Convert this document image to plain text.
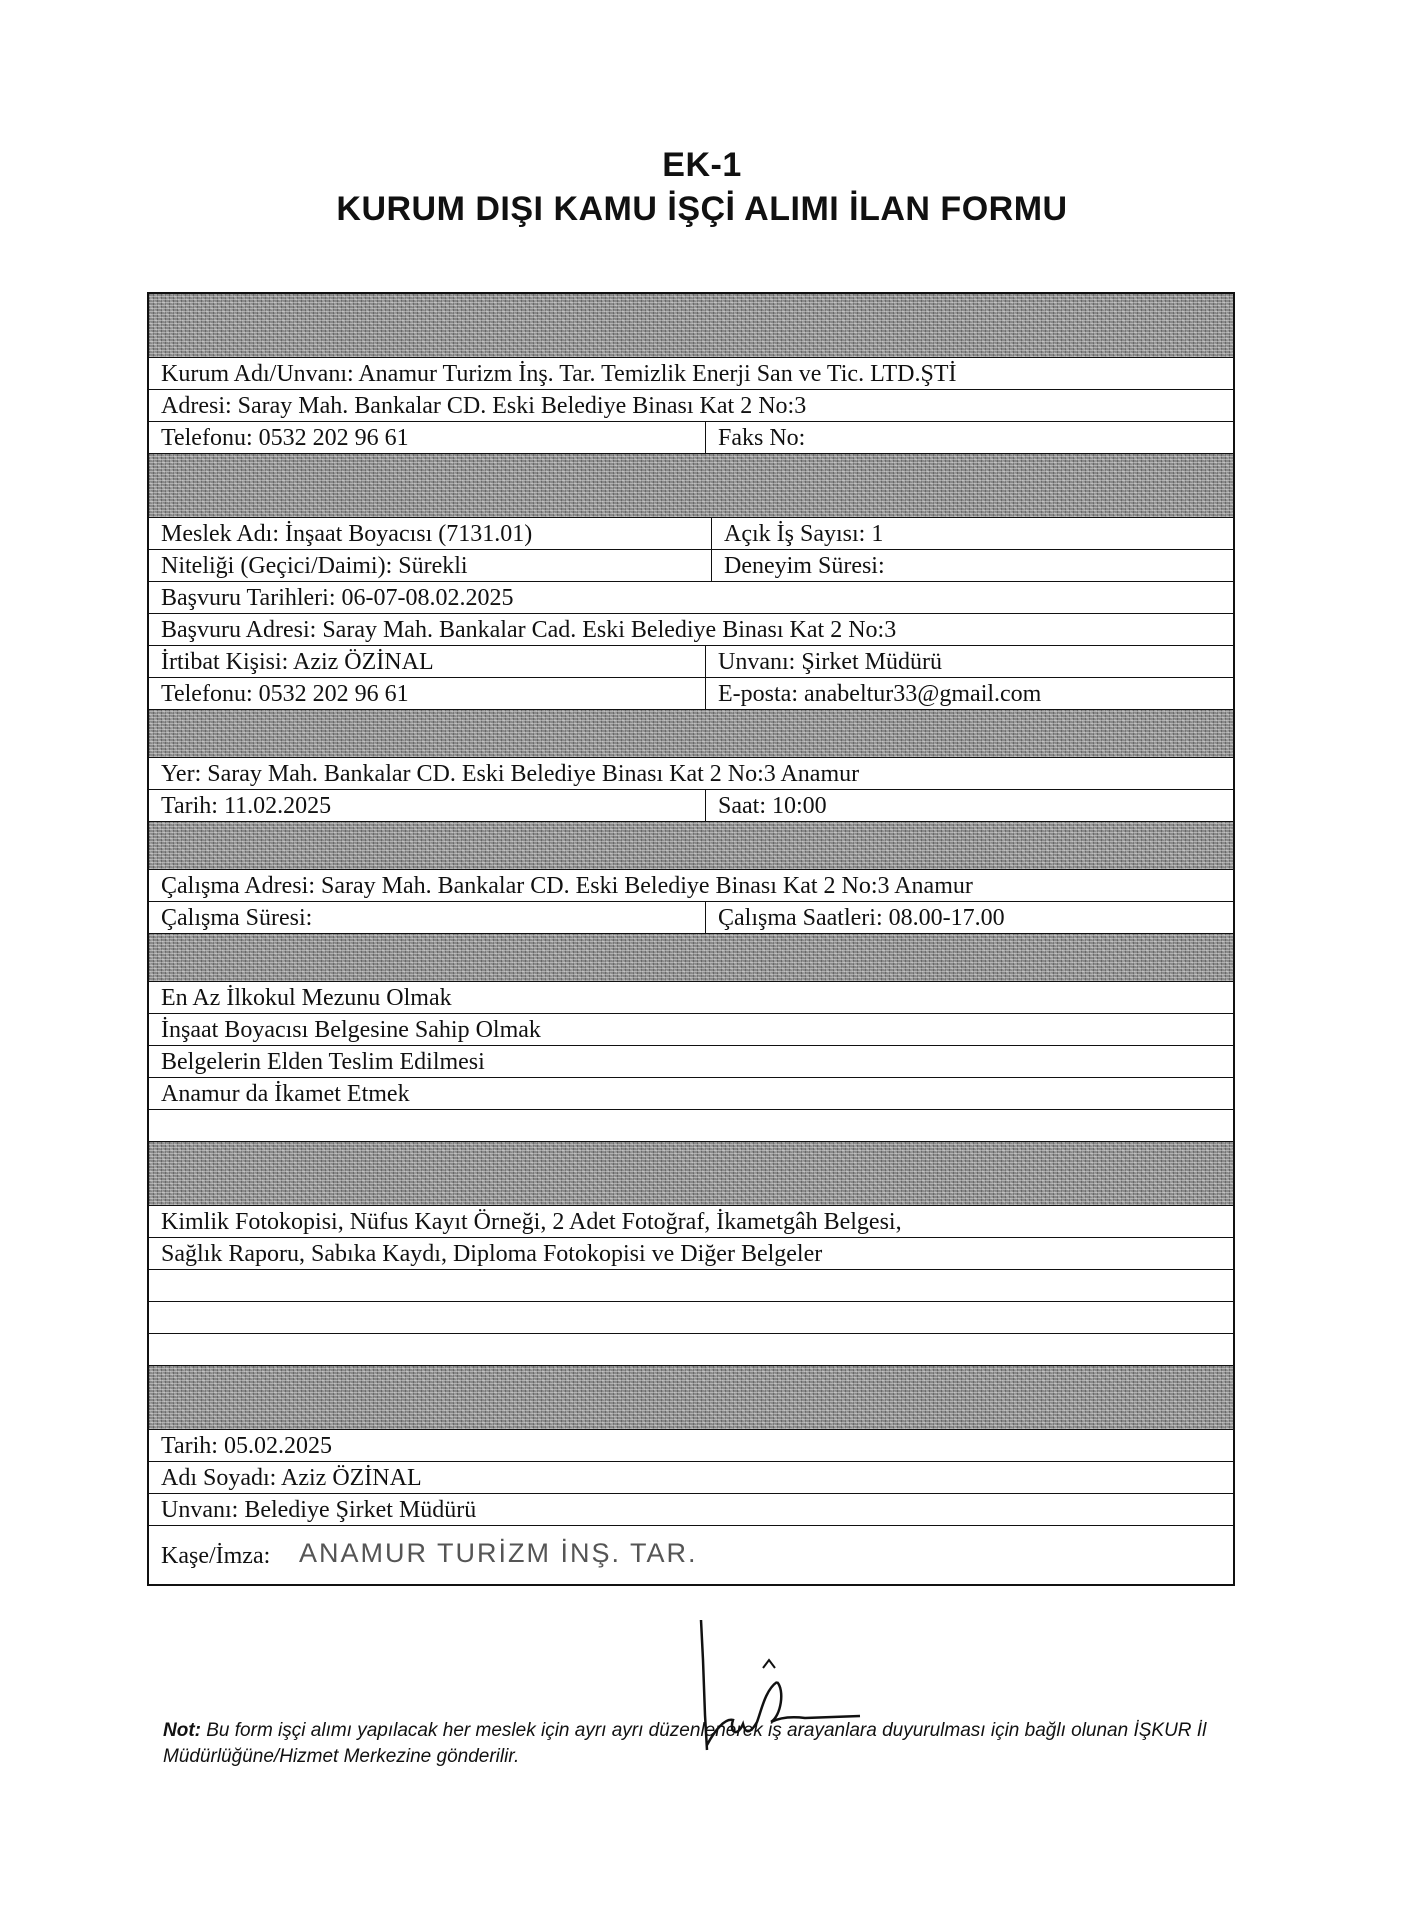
EK-1
KURUM DIŞI KAMU İŞÇİ ALIMI İLAN FORMU
Kurum Adı/Unvanı: Anamur Turizm İnş. Tar. Temizlik Enerji San ve Tic. LTD.ŞTİ
Adresi: Saray Mah. Bankalar CD. Eski Belediye Binası Kat 2 No:3
Telefonu: 0532 202 96 61	Faks No:
Meslek Adı: İnşaat Boyacısı (7131.01)	Açık İş Sayısı: 1
Niteliği (Geçici/Daimi): Sürekli	Deneyim Süresi:
Başvuru Tarihleri: 06-07-08.02.2025
Başvuru Adresi: Saray Mah. Bankalar Cad. Eski Belediye Binası Kat 2 No:3
İrtibat Kişisi: Aziz ÖZİNAL	Unvanı: Şirket Müdürü
Telefonu: 0532 202 96 61	E-posta: anabeltur33@gmail.com
Yer: Saray Mah. Bankalar CD. Eski Belediye Binası Kat 2 No:3 Anamur
Tarih: 11.02.2025	Saat: 10:00
Çalışma Adresi: Saray Mah. Bankalar CD. Eski Belediye Binası Kat 2 No:3 Anamur
Çalışma Süresi:	Çalışma Saatleri: 08.00-17.00
En Az İlkokul Mezunu Olmak
İnşaat Boyacısı Belgesine Sahip Olmak
Belgelerin Elden Teslim Edilmesi
Anamur da İkamet Etmek
Kimlik Fotokopisi, Nüfus Kayıt Örneği, 2 Adet Fotoğraf, İkametgâh Belgesi,
Sağlık Raporu, Sabıka Kaydı, Diploma Fotokopisi ve Diğer Belgeler
Tarih: 05.02.2025
Adı Soyadı: Aziz ÖZİNAL
Unvanı: Belediye Şirket Müdürü
Kaşe/İmza:	ANAMUR TURİZM İNŞ. TAR.
Not: Bu form işçi alımı yapılacak her meslek için ayrı ayrı düzenlenerek iş arayanlara duyurulması için bağlı olunan İŞKUR İl Müdürlüğüne/Hizmet Merkezine gönderilir.
